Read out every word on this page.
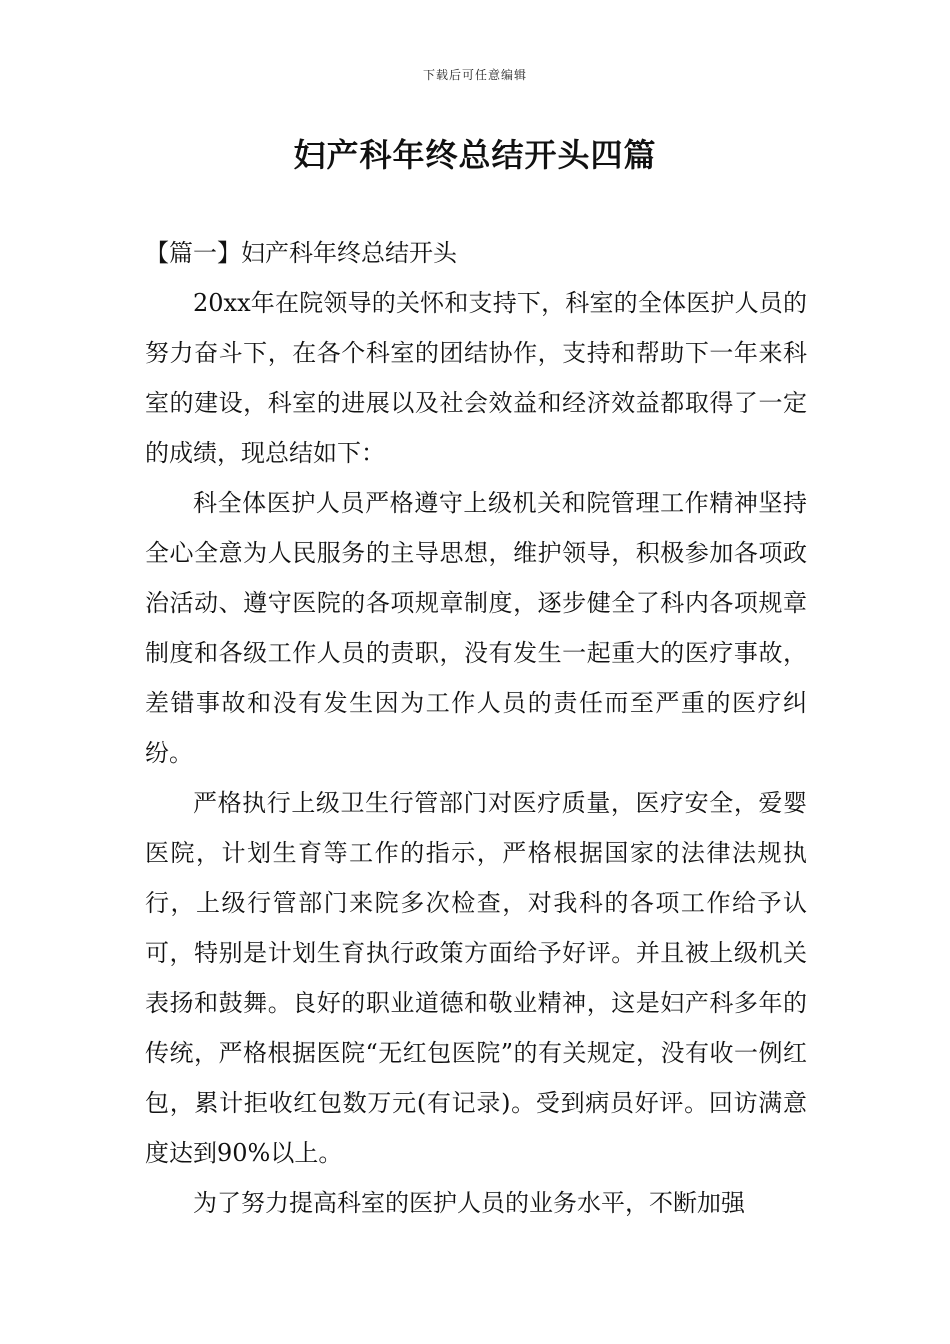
下载后可任意编辑
妇产科年终总结开头四篇

【篇一】妇产科年终总结开头

20xx年在院领导的关怀和支持下，科室的全体医护人员的努力奋斗下，在各个科室的团结协作，支持和帮助下一年来科室的建设，科室的进展以及社会效益和经济效益都取得了一定的成绩，现总结如下：

科全体医护人员严格遵守上级机关和院管理工作精神坚持全心全意为人民服务的主导思想，维护领导，积极参加各项政治活动、遵守医院的各项规章制度，逐步健全了科内各项规章制度和各级工作人员的责职，没有发生一起重大的医疗事故，差错事故和没有发生因为工作人员的责任而至严重的医疗纠纷。

严格执行上级卫生行管部门对医疗质量，医疗安全，爱婴医院，计划生育等工作的指示，严格根据国家的法律法规执行，上级行管部门来院多次检查，对我科的各项工作给予认可，特别是计划生育执行政策方面给予好评。并且被上级机关表扬和鼓舞。良好的职业道德和敬业精神，这是妇产科多年的传统，严格根据医院“无红包医院”的有关规定，没有收一例红包，累计拒收红包数万元(有记录)。受到病员好评。回访满意度达到90%以上。

为了努力提高科室的医护人员的业务水平，不断加强
